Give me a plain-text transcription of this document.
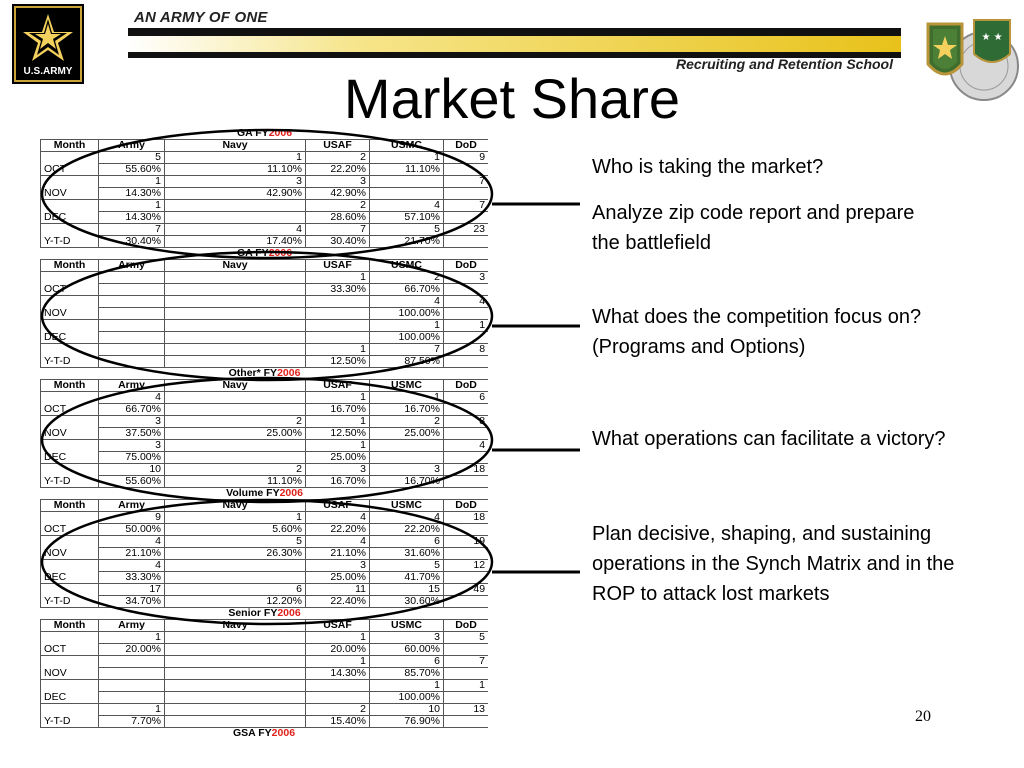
U.S.ARMY
AN ARMY OF ONE
Recruiting and Retention School
★ ★
Market Share
GA FY2006					
Month	Army	Navy	USAF	USMC	DoD
OCT	5	1	2	1	9
	55.60%	11.10%	22.20%	11.10%	
NOV	1	3	3		7
	14.30%	42.90%	42.90%		
DEC	1		2	4	7
	14.30%		28.60%	57.10%	
Y-T-D	7	4	7	5	23
	30.40%	17.40%	30.40%	21.70%	
GA FY2006					
Month	Army	Navy	USAF	USMC	DoD
OCT			1	2	3
			33.30%	66.70%	
NOV				4	4
				100.00%	
DEC				1	1
				100.00%	
Y-T-D			1	7	8
			12.50%	87.50%	
Other* FY2006					
Month	Army	Navy	USAF	USMC	DoD
OCT	4		1	1	6
	66.70%		16.70%	16.70%	
NOV	3	2	1	2	8
	37.50%	25.00%	12.50%	25.00%	
DEC	3		1		4
	75.00%		25.00%		
Y-T-D	10	2	3	3	18
	55.60%	11.10%	16.70%	16.70%	
Volume FY2006					
Month	Army	Navy	USAF	USMC	DoD
OCT	9	1	4	4	18
	50.00%	5.60%	22.20%	22.20%	
NOV	4	5	4	6	19
	21.10%	26.30%	21.10%	31.60%	
DEC	4		3	5	12
	33.30%		25.00%	41.70%	
Y-T-D	17	6	11	15	49
	34.70%	12.20%	22.40%	30.60%	
Senior FY2006					
Month	Army	Navy	USAF	USMC	DoD
OCT	1		1	3	5
	20.00%		20.00%	60.00%	
NOV			1	6	7
			14.30%	85.70%	
DEC				1	1
				100.00%	
Y-T-D	1		2	10	13
	7.70%		15.40%	76.90%	
GSA FY2006
Who is taking the market?
Analyze zip code report and prepare the battlefield
What does the competition focus on? (Programs and Options)
What operations can facilitate a victory?
Plan decisive, shaping, and sustaining operations in the Synch Matrix and in the ROP to attack lost markets
20
